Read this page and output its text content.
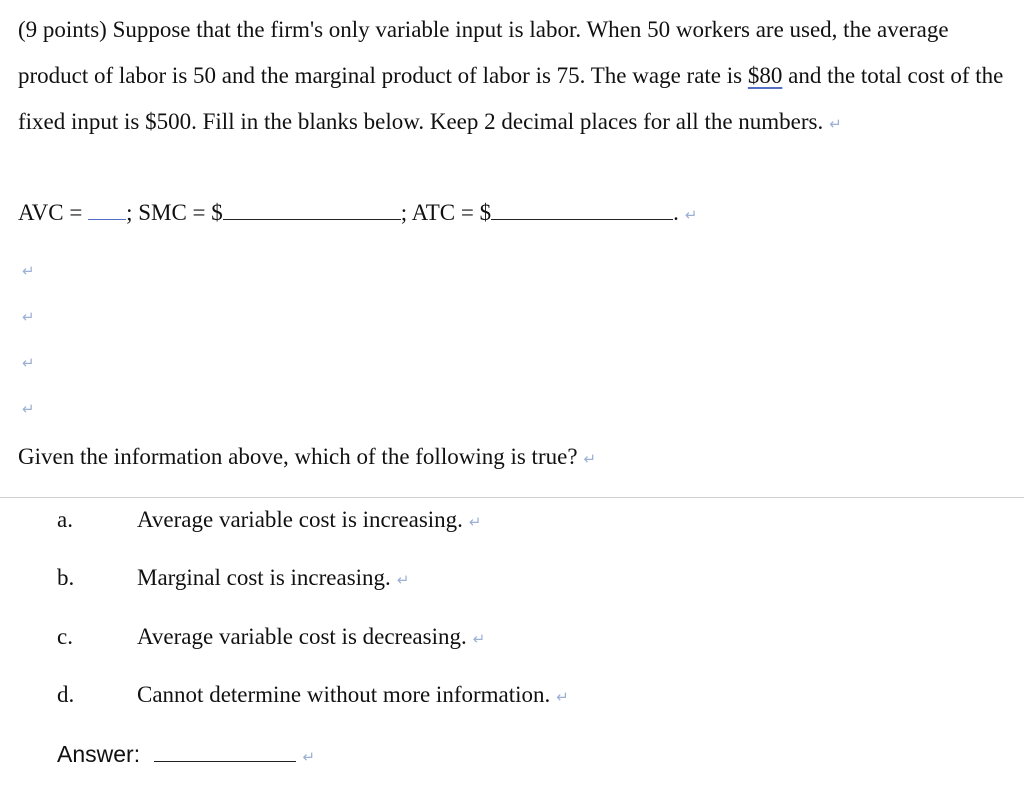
(9 points) Suppose that the firm's only variable input is labor. When 50 workers are used, the average product of labor is 50 and the marginal product of labor is 75. The wage rate is $80 and the total cost of the fixed input is $500. Fill in the blanks below. Keep 2 decimal places for all the numbers. ↵
AVC = ; SMC = $	; ATC = $	. ↵
↵
↵
↵
↵
Given the information above, which of the following is true? ↵
a.	Average variable cost is increasing. ↵
b.	Marginal cost is increasing. ↵
c.	Average variable cost is decreasing. ↵
d.	Cannot determine without more information. ↵
Answer:	↵
